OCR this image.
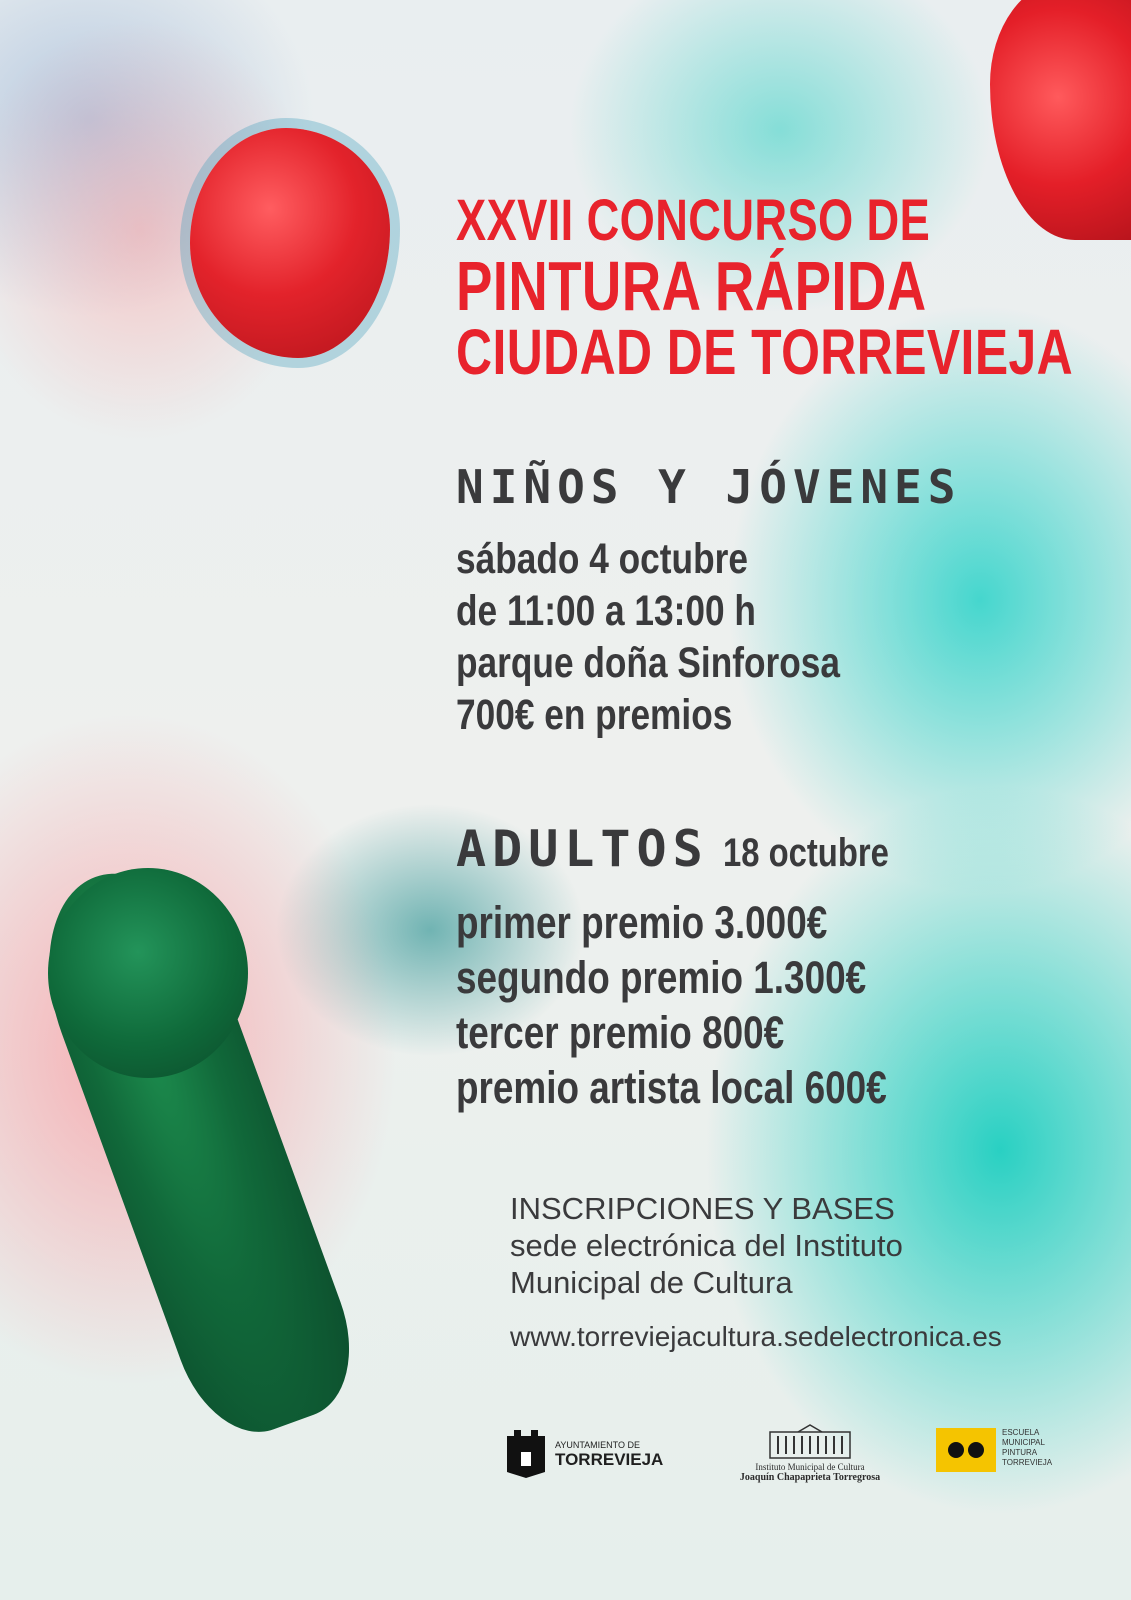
XXVII CONCURSO DE
PINTURA RÁPIDA
CIUDAD DE TORREVIEJA
NIÑOS Y JÓVENES
sábado 4 octubre
de 11:00 a 13:00 h
parque doña Sinforosa
700€ en premios
ADULTOS 18 octubre
primer premio 3.000€
segundo premio 1.300€
tercer premio 800€
premio artista local 600€
INSCRIPCIONES Y BASES
sede electrónica del Instituto
Municipal de Cultura
www.torreviejacultura.sedelectronica.es
AYUNTAMIENTO DE
TORREVIEJA	Instituto Municipal de Cultura
Joaquín Chapaprieta Torregrosa
ESCUELA
MUNICIPAL
PINTURA
TORREVIEJA
